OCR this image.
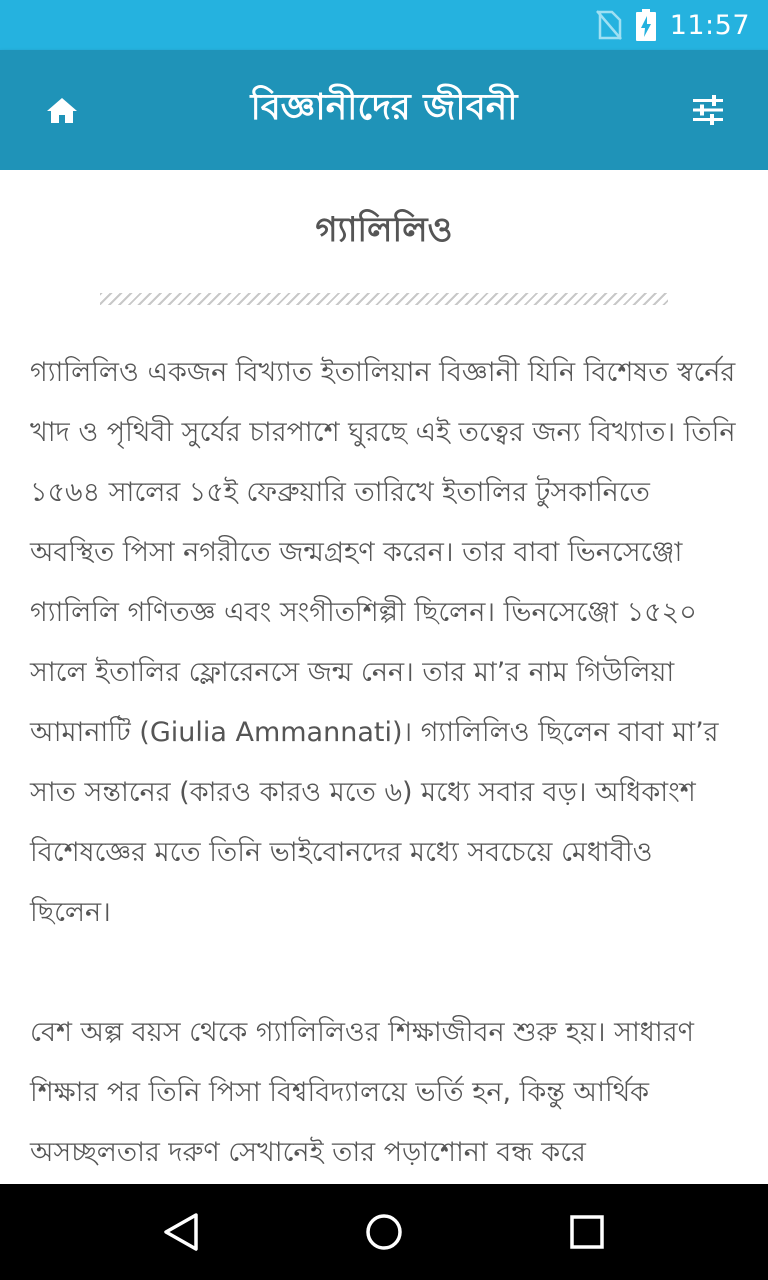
11:57
বিজ্ঞানীদের জীবনী
গ্যালিলিও

গ্যালিলিও একজন বিখ্যাত ইতালিয়ান বিজ্ঞানী যিনি বিশেষত স্বর্নের খাদ ও পৃথিবী সুর্যের চারপাশে ঘুরছে এই তত্বের জন্য বিখ্যাত। তিনি ১৫৬৪ সালের ১৫ই ফেব্রুয়ারি তারিখে ইতালির টুসকানিতে অবস্থিত পিসা নগরীতে জন্মগ্রহণ করেন। তার বাবা ভিনসেঞ্জো গ্যালিলি গণিতজ্ঞ এবং সংগীতশিল্পী ছিলেন। ভিনসেঞ্জো ১৫২০ সালে ইতালির ফ্লোরেনসে জন্ম নেন। তার মা’র নাম গিউলিয়া আমানাটি (Giulia Ammannati)। গ্যালিলিও ছিলেন বাবা মা’র সাত সন্তানের (কারও কারও মতে ৬) মধ্যে সবার বড়। অধিকাংশ বিশেষজ্ঞের মতে তিনি ভাইবোনদের মধ্যে সবচেয়ে মেধাবীও ছিলেন।

বেশ অল্প বয়স থেকে গ্যালিলিওর শিক্ষাজীবন শুরু হয়। সাধারণ শিক্ষার পর তিনি পিসা বিশ্ববিদ্যালয়ে ভর্তি হন, কিন্তু আর্থিক অসচ্ছলতার দরুণ সেখানেই তার পড়াশোনা বন্ধ করে
